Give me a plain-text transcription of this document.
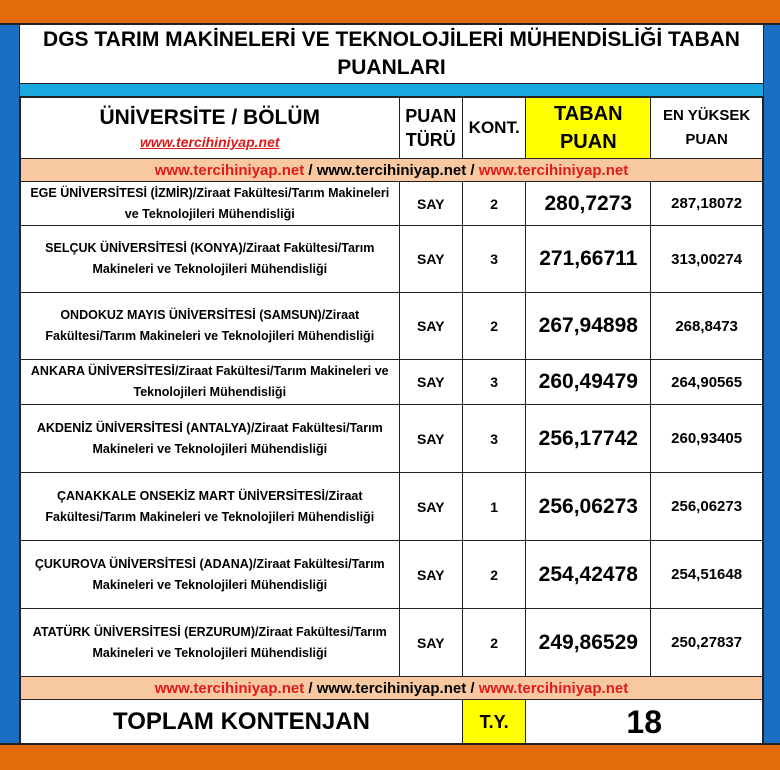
DGS TARIM MAKİNELERİ VE TEKNOLOJİLERİ MÜHENDİSLİĞİ TABAN PUANLARI
ÜNİVERSİTE / BÖLÜM
www.tercihiniyap.net	PUAN TÜRÜ	KONT.	TABAN PUAN	EN YÜKSEK PUAN
www.tercihiniyap.net / www.tercihiniyap.net / www.tercihiniyap.net				
EGE ÜNİVERSİTESİ (İZMİR)/Ziraat Fakültesi/Tarım Makineleri ve Teknolojileri Mühendisliği	SAY	2	280,7273	287,18072
SELÇUK ÜNİVERSİTESİ (KONYA)/Ziraat Fakültesi/Tarım Makineleri ve Teknolojileri Mühendisliği	SAY	3	271,66711	313,00274
ONDOKUZ MAYIS ÜNİVERSİTESİ (SAMSUN)/Ziraat Fakültesi/Tarım Makineleri ve Teknolojileri Mühendisliği	SAY	2	267,94898	268,8473
ANKARA ÜNİVERSİTESİ/Ziraat Fakültesi/Tarım Makineleri ve Teknolojileri Mühendisliği	SAY	3	260,49479	264,90565
AKDENİZ ÜNİVERSİTESİ (ANTALYA)/Ziraat Fakültesi/Tarım Makineleri ve Teknolojileri Mühendisliği	SAY	3	256,17742	260,93405
ÇANAKKALE ONSEKİZ MART ÜNİVERSİTESİ/Ziraat Fakültesi/Tarım Makineleri ve Teknolojileri Mühendisliği	SAY	1	256,06273	256,06273
ÇUKUROVA ÜNİVERSİTESİ (ADANA)/Ziraat Fakültesi/Tarım Makineleri ve Teknolojileri Mühendisliği	SAY	2	254,42478	254,51648
ATATÜRK ÜNİVERSİTESİ (ERZURUM)/Ziraat Fakültesi/Tarım Makineleri ve Teknolojileri Mühendisliği	SAY	2	249,86529	250,27837
www.tercihiniyap.net / www.tercihiniyap.net / www.tercihiniyap.net				
TOPLAM KONTENJAN		T.Y.	18	
